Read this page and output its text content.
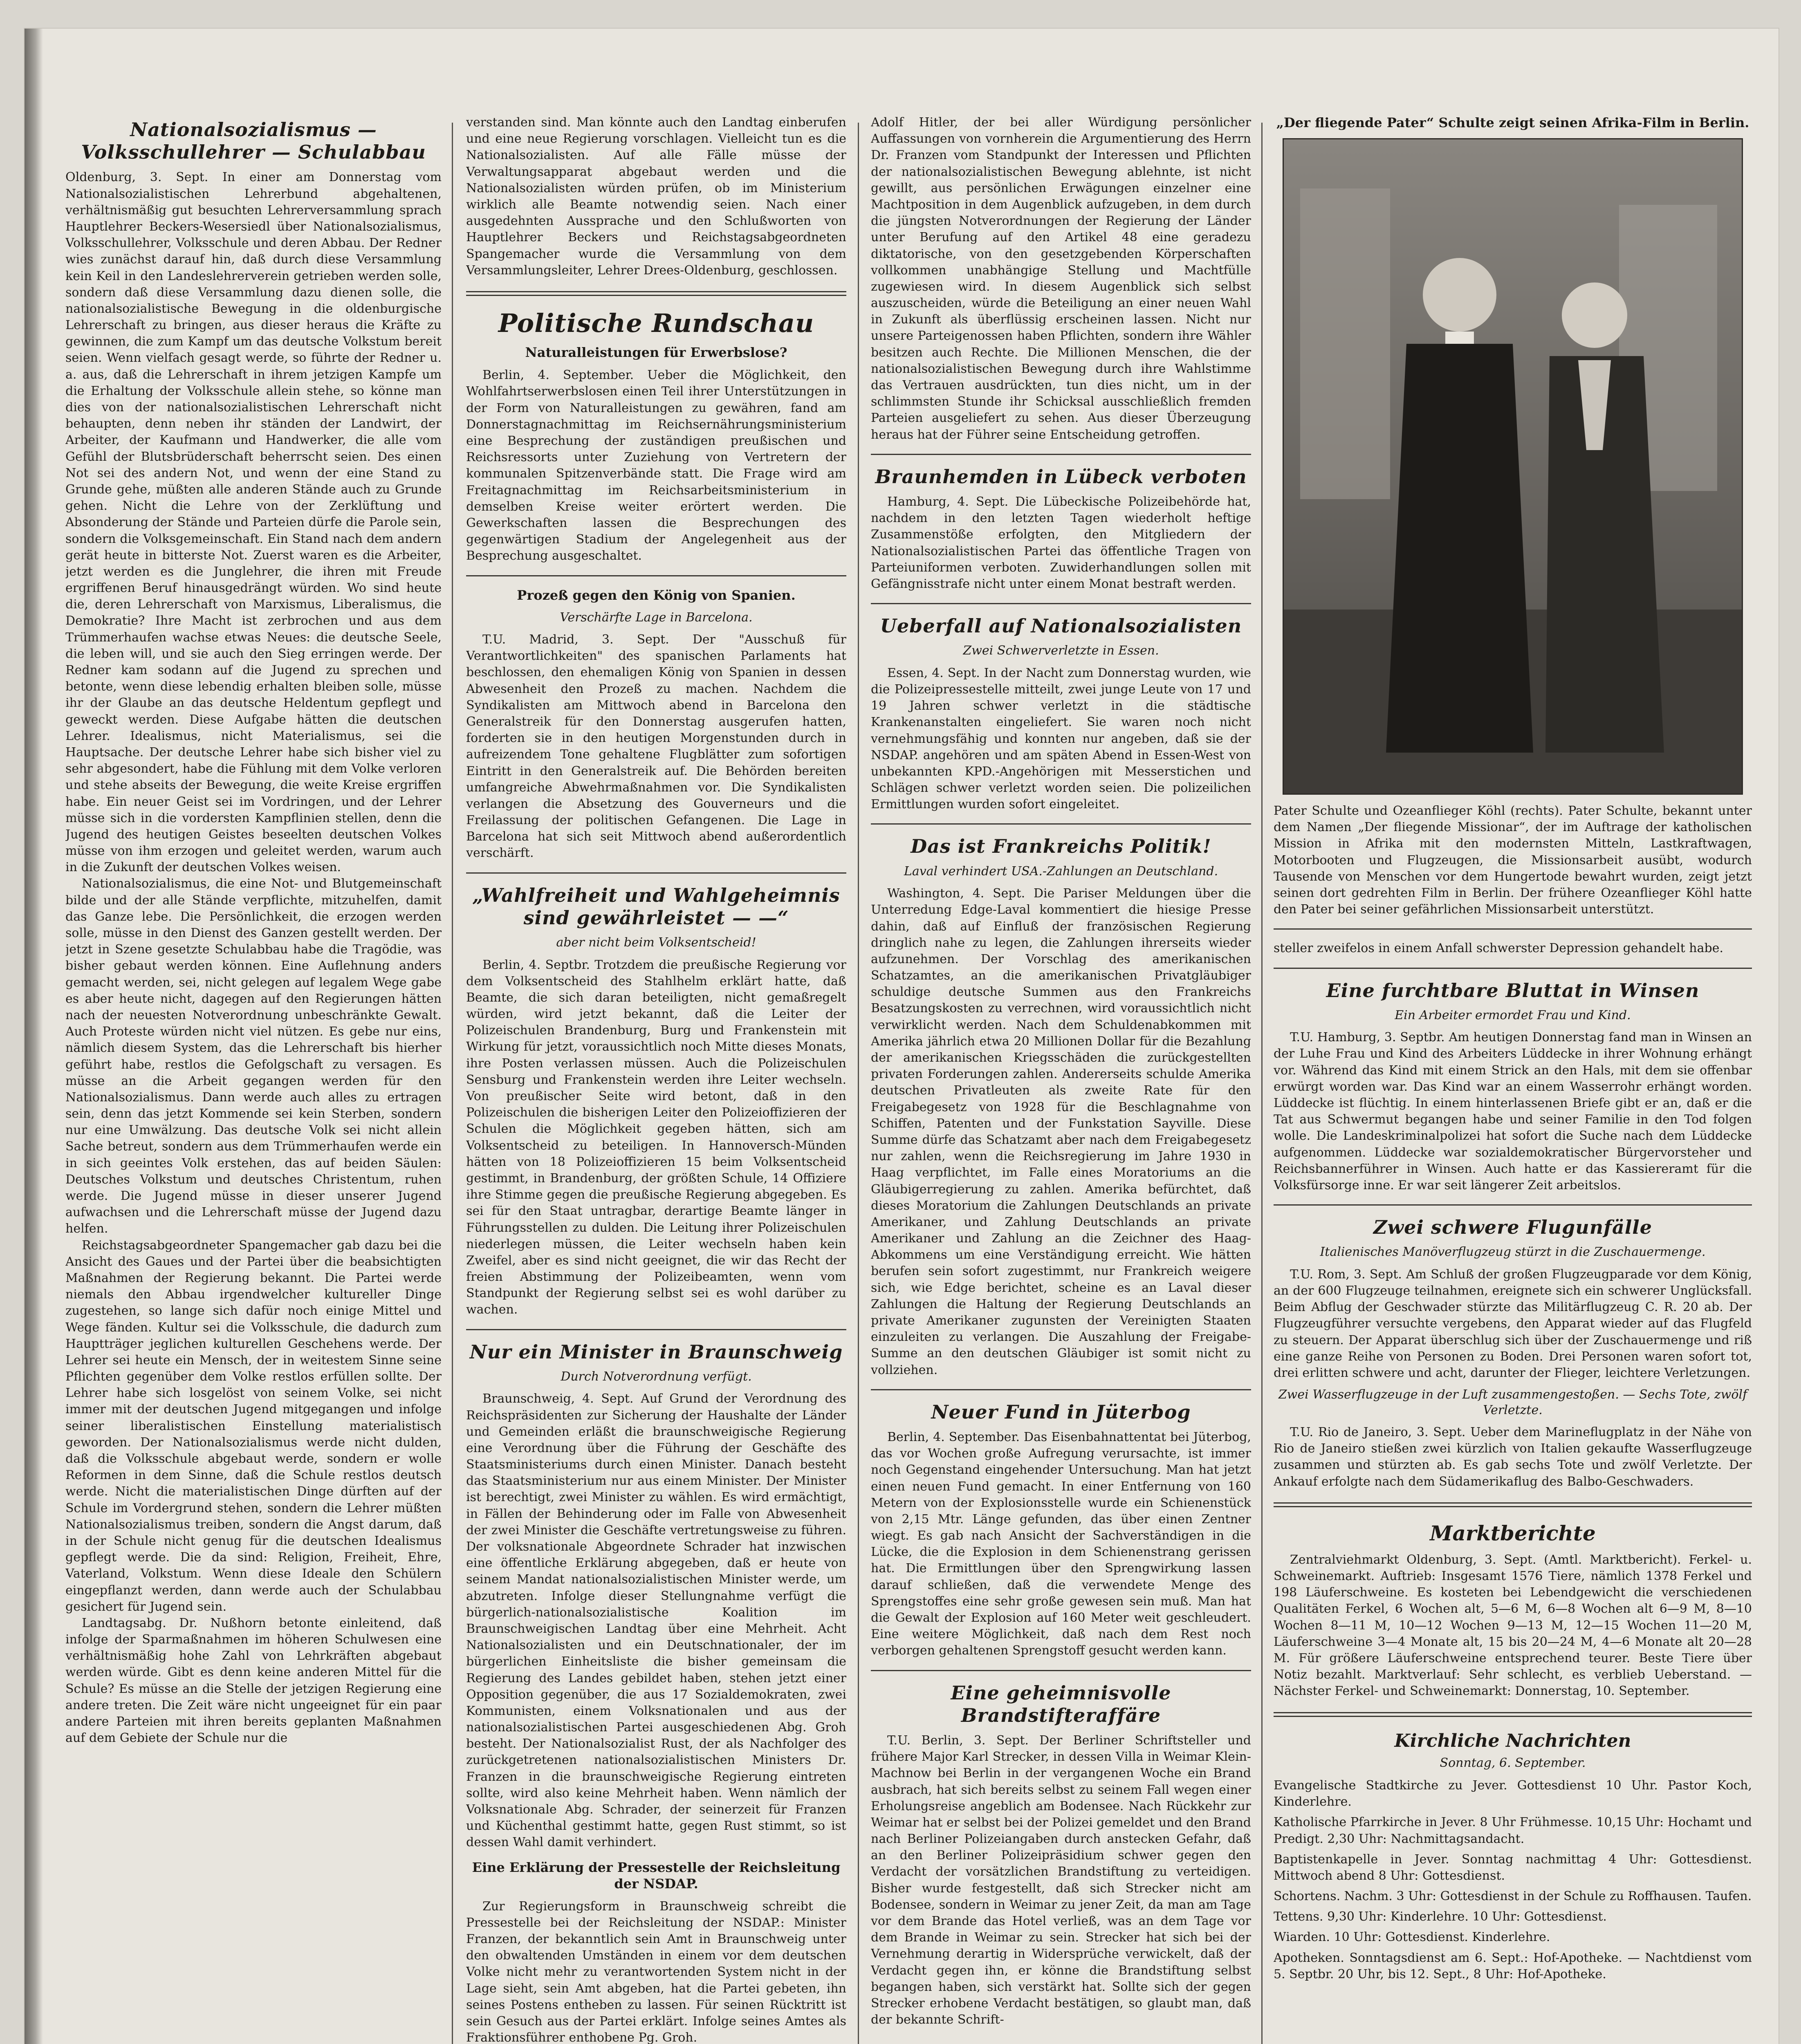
Nationalsozialismus — Volksschullehrer — Schulabbau

Oldenburg, 3. Sept. In einer am Donnerstag vom Nationalsozialistischen Lehrerbund abgehaltenen, verhältnismäßig gut besuchten Lehrerversammlung sprach Hauptlehrer Beckers-Wesersiedl über Nationalsozialismus, Volksschullehrer, Volksschule und deren Abbau. Der Redner wies zunächst darauf hin, daß durch diese Versammlung kein Keil in den Landeslehrerverein getrieben werden solle, sondern daß diese Versammlung dazu dienen solle, die nationalsozialistische Bewegung in die oldenburgische Lehrerschaft zu bringen, aus dieser heraus die Kräfte zu gewinnen, die zum Kampf um das deutsche Volkstum bereit seien. Wenn vielfach gesagt werde, so führte der Redner u. a. aus, daß die Lehrerschaft in ihrem jetzigen Kampfe um die Erhaltung der Volksschule allein stehe, so könne man dies von der nationalsozialistischen Lehrerschaft nicht behaupten, denn neben ihr ständen der Landwirt, der Arbeiter, der Kaufmann und Handwerker, die alle vom Gefühl der Blutsbrüderschaft beherrscht seien. Des einen Not sei des andern Not, und wenn der eine Stand zu Grunde gehe, müßten alle anderen Stände auch zu Grunde gehen. Nicht die Lehre von der Zerklüftung und Absonderung der Stände und Parteien dürfe die Parole sein, sondern die Volksgemeinschaft. Ein Stand nach dem andern gerät heute in bitterste Not. Zuerst waren es die Arbeiter, jetzt werden es die Junglehrer, die ihren mit Freude ergriffenen Beruf hinausgedrängt würden. Wo sind heute die, deren Lehrerschaft von Marxismus, Liberalismus, die Demokratie? Ihre Macht ist zerbrochen und aus dem Trümmerhaufen wachse etwas Neues: die deutsche Seele, die leben will, und sie auch den Sieg erringen werde. Der Redner kam sodann auf die Jugend zu sprechen und betonte, wenn diese lebendig erhalten bleiben solle, müsse ihr der Glaube an das deutsche Heldentum gepflegt und geweckt werden. Diese Aufgabe hätten die deutschen Lehrer. Idealismus, nicht Materialismus, sei die Hauptsache. Der deutsche Lehrer habe sich bisher viel zu sehr abgesondert, habe die Fühlung mit dem Volke verloren und stehe abseits der Bewegung, die weite Kreise ergriffen habe. Ein neuer Geist sei im Vordringen, und der Lehrer müsse sich in die vordersten Kampflinien stellen, denn die Jugend des heutigen Geistes beseelten deutschen Volkes müsse von ihm erzogen und geleitet werden, warum auch in die Zukunft der deutschen Volkes weisen.

Nationalsozialismus, die eine Not- und Blutgemeinschaft bilde und der alle Stände verpflichte, mitzuhelfen, damit das Ganze lebe. Die Persönlichkeit, die erzogen werden solle, müsse in den Dienst des Ganzen gestellt werden. Der jetzt in Szene gesetzte Schulabbau habe die Tragödie, was bisher gebaut werden können. Eine Auflehnung anders gemacht werden, sei, nicht gelegen auf legalem Wege gabe es aber heute nicht, dagegen auf den Regierungen hätten nach der neuesten Notverordnung unbeschränkte Gewalt. Auch Proteste würden nicht viel nützen. Es gebe nur eins, nämlich diesem System, das die Lehrerschaft bis hierher geführt habe, restlos die Gefolgschaft zu versagen. Es müsse an die Arbeit gegangen werden für den Nationalsozialismus. Dann werde auch alles zu ertragen sein, denn das jetzt Kommende sei kein Sterben, sondern nur eine Umwälzung. Das deutsche Volk sei nicht allein Sache betreut, sondern aus dem Trümmerhaufen werde ein in sich geeintes Volk erstehen, das auf beiden Säulen: Deutsches Volkstum und deutsches Christentum, ruhen werde. Die Jugend müsse in dieser unserer Jugend aufwachsen und die Lehrerschaft müsse der Jugend dazu helfen.

Reichstagsabgeordneter Spangemacher gab dazu bei die Ansicht des Gaues und der Partei über die beabsichtigten Maßnahmen der Regierung bekannt. Die Partei werde niemals den Abbau irgendwelcher kultureller Dinge zugestehen, so lange sich dafür noch einige Mittel und Wege fänden. Kultur sei die Volksschule, die dadurch zum Hauptträger jeglichen kulturellen Geschehens werde. Der Lehrer sei heute ein Mensch, der in weitestem Sinne seine Pflichten gegenüber dem Volke restlos erfüllen sollte. Der Lehrer habe sich losgelöst von seinem Volke, sei nicht immer mit der deutschen Jugend mitgegangen und infolge seiner liberalistischen Einstellung materialistisch geworden. Der Nationalsozialismus werde nicht dulden, daß die Volksschule abgebaut werde, sondern er wolle Reformen in dem Sinne, daß die Schule restlos deutsch werde. Nicht die materialistischen Dinge dürften auf der Schule im Vordergrund stehen, sondern die Lehrer müßten Nationalsozialismus treiben, sondern die Angst darum, daß in der Schule nicht genug für die deutschen Idealismus gepflegt werde. Die da sind: Religion, Freiheit, Ehre, Vaterland, Volkstum. Wenn diese Ideale den Schülern eingepflanzt werden, dann werde auch der Schulabbau gesichert für Jugend sein.

Landtagsabg. Dr. Nußhorn betonte einleitend, daß infolge der Sparmaßnahmen im höheren Schulwesen eine verhältnismäßig hohe Zahl von Lehrkräften abgebaut werden würde. Gibt es denn keine anderen Mittel für die Schule? Es müsse an die Stelle der jetzigen Regierung eine andere treten. Die Zeit wäre nicht ungeeignet für ein paar andere Parteien mit ihren bereits geplanten Maßnahmen auf dem Gebiete der Schule nur die

verstanden sind. Man könnte auch den Landtag einberufen und eine neue Regierung vorschlagen. Vielleicht tun es die Nationalsozialisten. Auf alle Fälle müsse der Verwaltungsapparat abgebaut werden und die Nationalsozialisten würden prüfen, ob im Ministerium wirklich alle Beamte notwendig seien. Nach einer ausgedehnten Aussprache und den Schlußworten von Hauptlehrer Beckers und Reichstagsabgeordneten Spangemacher wurde die Versammlung von dem Versammlungsleiter, Lehrer Drees-Oldenburg, geschlossen.

Politische Rundschau
Naturalleistungen für Erwerbslose?

Berlin, 4. September. Ueber die Möglichkeit, den Wohlfahrtserwerbslosen einen Teil ihrer Unterstützungen in der Form von Naturalleistungen zu gewähren, fand am Donnerstagnachmittag im Reichsernährungsministerium eine Besprechung der zuständigen preußischen und Reichsressorts unter Zuziehung von Vertretern der kommunalen Spitzenverbände statt. Die Frage wird am Freitagnachmittag im Reichsarbeitsministerium in demselben Kreise weiter erörtert werden. Die Gewerkschaften lassen die Besprechungen des gegenwärtigen Stadium der Angelegenheit aus der Besprechung ausgeschaltet.

Prozeß gegen den König von Spanien.
Verschärfte Lage in Barcelona.

T.U. Madrid, 3. Sept. Der "Ausschuß für Verantwortlichkeiten" des spanischen Parlaments hat beschlossen, den ehemaligen König von Spanien in dessen Abwesenheit den Prozeß zu machen. Nachdem die Syndikalisten am Mittwoch abend in Barcelona den Generalstreik für den Donnerstag ausgerufen hatten, forderten sie in den heutigen Morgenstunden durch in aufreizendem Tone gehaltene Flugblätter zum sofortigen Eintritt in den Generalstreik auf. Die Behörden bereiten umfangreiche Abwehrmaßnahmen vor. Die Syndikalisten verlangen die Absetzung des Gouverneurs und die Freilassung der politischen Gefangenen. Die Lage in Barcelona hat sich seit Mittwoch abend außerordentlich verschärft.

„Wahlfreiheit und Wahlgeheimnis sind gewährleistet — —“
aber nicht beim Volksentscheid!

Berlin, 4. Septbr. Trotzdem die preußische Regierung vor dem Volksentscheid des Stahlhelm erklärt hatte, daß Beamte, die sich daran beteiligten, nicht gemaßregelt würden, wird jetzt bekannt, daß die Leiter der Polizeischulen Brandenburg, Burg und Frankenstein mit Wirkung für jetzt, voraussichtlich noch Mitte dieses Monats, ihre Posten verlassen müssen. Auch die Polizeischulen Sensburg und Frankenstein werden ihre Leiter wechseln. Von preußischer Seite wird betont, daß in den Polizeischulen die bisherigen Leiter den Polizeioffizieren der Schulen die Möglichkeit gegeben hätten, sich am Volksentscheid zu beteiligen. In Hannoversch-Münden hätten von 18 Polizeioffizieren 15 beim Volksentscheid gestimmt, in Brandenburg, der größten Schule, 14 Offiziere ihre Stimme gegen die preußische Regierung abgegeben. Es sei für den Staat untragbar, derartige Beamte länger in Führungsstellen zu dulden. Die Leitung ihrer Polizeischulen niederlegen müssen, die Leiter wechseln haben kein Zweifel, aber es sind nicht geeignet, die wir das Recht der freien Abstimmung der Polizeibeamten, wenn vom Standpunkt der Regierung selbst sei es wohl darüber zu wachen.

Nur ein Minister in Braunschweig
Durch Notverordnung verfügt.

Braunschweig, 4. Sept. Auf Grund der Verordnung des Reichspräsidenten zur Sicherung der Haushalte der Länder und Gemeinden erläßt die braunschweigische Regierung eine Verordnung über die Führung der Geschäfte des Staatsministeriums durch einen Minister. Danach besteht das Staatsministerium nur aus einem Minister. Der Minister ist berechtigt, zwei Minister zu wählen. Es wird ermächtigt, in Fällen der Behinderung oder im Falle von Abwesenheit der zwei Minister die Geschäfte vertretungsweise zu führen. Der volksnationale Abgeordnete Schrader hat inzwischen eine öffentliche Erklärung abgegeben, daß er heute von seinem Mandat nationalsozialistischen Minister werde, um abzutreten. Infolge dieser Stellungnahme verfügt die bürgerlich-nationalsozialistische Koalition im Braunschweigischen Landtag über eine Mehrheit. Acht Nationalsozialisten und ein Deutschnationaler, der im bürgerlichen Einheitsliste die bisher gemeinsam die Regierung des Landes gebildet haben, stehen jetzt einer Opposition gegenüber, die aus 17 Sozialdemokraten, zwei Kommunisten, einem Volksnationalen und aus der nationalsozialistischen Partei ausgeschiedenen Abg. Groh besteht. Der Nationalsozialist Rust, der als Nachfolger des zurückgetretenen nationalsozialistischen Ministers Dr. Franzen in die braunschweigische Regierung eintreten sollte, wird also keine Mehrheit haben. Wenn nämlich der Volksnationale Abg. Schrader, der seinerzeit für Franzen und Küchenthal gestimmt hatte, gegen Rust stimmt, so ist dessen Wahl damit verhindert.

Eine Erklärung der Pressestelle der Reichsleitung der NSDAP.

Zur Regierungsform in Braunschweig schreibt die Pressestelle bei der Reichsleitung der NSDAP.: Minister Franzen, der bekanntlich sein Amt in Braunschweig unter den obwaltenden Umständen in einem vor dem deutschen Volke nicht mehr zu verantwortenden System nicht in der Lage sieht, sein Amt abgeben, hat die Partei gebeten, ihn seines Postens entheben zu lassen. Für seinen Rücktritt ist sein Gesuch aus der Partei erklärt. Infolge seines Amtes als Fraktionsführer enthobene Pg. Groh.

Adolf Hitler, der bei aller Würdigung persönlicher Auffassungen von vornherein die Argumentierung des Herrn Dr. Franzen vom Standpunkt der Interessen und Pflichten der nationalsozialistischen Bewegung ablehnte, ist nicht gewillt, aus persönlichen Erwägungen einzelner eine Machtposition in dem Augenblick aufzugeben, in dem durch die jüngsten Notverordnungen der Regierung der Länder unter Berufung auf den Artikel 48 eine geradezu diktatorische, von den gesetzgebenden Körperschaften vollkommen unabhängige Stellung und Machtfülle zugewiesen wird. In diesem Augenblick sich selbst auszuscheiden, würde die Beteiligung an einer neuen Wahl in Zukunft als überflüssig erscheinen lassen. Nicht nur unsere Parteigenossen haben Pflichten, sondern ihre Wähler besitzen auch Rechte. Die Millionen Menschen, die der nationalsozialistischen Bewegung durch ihre Wahlstimme das Vertrauen ausdrückten, tun dies nicht, um in der schlimmsten Stunde ihr Schicksal ausschließlich fremden Parteien ausgeliefert zu sehen. Aus dieser Überzeugung heraus hat der Führer seine Entscheidung getroffen.

Braunhemden in Lübeck verboten

Hamburg, 4. Sept. Die Lübeckische Polizeibehörde hat, nachdem in den letzten Tagen wiederholt heftige Zusammenstöße erfolgten, den Mitgliedern der Nationalsozialistischen Partei das öffentliche Tragen von Parteiuniformen verboten. Zuwiderhandlungen sollen mit Gefängnisstrafe nicht unter einem Monat bestraft werden.

Ueberfall auf Nationalsozialisten
Zwei Schwerverletzte in Essen.

Essen, 4. Sept. In der Nacht zum Donnerstag wurden, wie die Polizeipressestelle mitteilt, zwei junge Leute von 17 und 19 Jahren schwer verletzt in die städtische Krankenanstalten eingeliefert. Sie waren noch nicht vernehmungsfähig und konnten nur angeben, daß sie der NSDAP. angehören und am späten Abend in Essen-West von unbekannten KPD.-Angehörigen mit Messerstichen und Schlägen schwer verletzt worden seien. Die polizeilichen Ermittlungen wurden sofort eingeleitet.

Das ist Frankreichs Politik!
Laval verhindert USA.-Zahlungen an Deutschland.

Washington, 4. Sept. Die Pariser Meldungen über die Unterredung Edge-Laval kommentiert die hiesige Presse dahin, daß auf Einfluß der französischen Regierung dringlich nahe zu legen, die Zahlungen ihrerseits wieder aufzunehmen. Der Vorschlag des amerikanischen Schatzamtes, an die amerikanischen Privatgläubiger schuldige deutsche Summen aus den Frankreichs Besatzungskosten zu verrechnen, wird voraussichtlich nicht verwirklicht werden. Nach dem Schuldenabkommen mit Amerika jährlich etwa 20 Millionen Dollar für die Bezahlung der amerikanischen Kriegsschäden die zurückgestellten privaten Forderungen zahlen. Andererseits schulde Amerika deutschen Privatleuten als zweite Rate für den Freigabegesetz von 1928 für die Beschlagnahme von Schiffen, Patenten und der Funkstation Sayville. Diese Summe dürfe das Schatzamt aber nach dem Freigabegesetz nur zahlen, wenn die Reichsregierung im Jahre 1930 in Haag verpflichtet, im Falle eines Moratoriums an die Gläubigerregierung zu zahlen. Amerika befürchtet, daß dieses Moratorium die Zahlungen Deutschlands an private Amerikaner, und Zahlung Deutschlands an private Amerikaner und Zahlung an die Zeichner des Haag-Abkommens um eine Verständigung erreicht. Wie hätten berufen sein sofort zugestimmt, nur Frankreich weigere sich, wie Edge berichtet, scheine es an Laval dieser Zahlungen die Haltung der Regierung Deutschlands an private Amerikaner zugunsten der Vereinigten Staaten einzuleiten zu verlangen. Die Auszahlung der Freigabe-Summe an den deutschen Gläubiger ist somit nicht zu vollziehen.

Neuer Fund in Jüterbog

Berlin, 4. September. Das Eisenbahnattentat bei Jüterbog, das vor Wochen große Aufregung verursachte, ist immer noch Gegenstand eingehender Untersuchung. Man hat jetzt einen neuen Fund gemacht. In einer Entfernung von 160 Metern von der Explosionsstelle wurde ein Schienenstück von 2,15 Mtr. Länge gefunden, das über einen Zentner wiegt. Es gab nach Ansicht der Sachverständigen in die Lücke, die die Explosion in dem Schienenstrang gerissen hat. Die Ermittlungen über den Sprengwirkung lassen darauf schließen, daß die verwendete Menge des Sprengstoffes eine sehr große gewesen sein muß. Man hat die Gewalt der Explosion auf 160 Meter weit geschleudert. Eine weitere Möglichkeit, daß nach dem Rest noch verborgen gehaltenen Sprengstoff gesucht werden kann.

Eine geheimnisvolle Brandstifteraffäre

T.U. Berlin, 3. Sept. Der Berliner Schriftsteller und frühere Major Karl Strecker, in dessen Villa in Weimar Klein-Machnow bei Berlin in der vergangenen Woche ein Brand ausbrach, hat sich bereits selbst zu seinem Fall wegen einer Erholungsreise angeblich am Bodensee. Nach Rückkehr zur Weimar hat er selbst bei der Polizei gemeldet und den Brand nach Berliner Polizeiangaben durch anstecken Gefahr, daß an den Berliner Polizeipräsidium schwer gegen den Verdacht der vorsätzlichen Brandstiftung zu verteidigen. Bisher wurde festgestellt, daß sich Strecker nicht am Bodensee, sondern in Weimar zu jener Zeit, da man am Tage vor dem Brande das Hotel verließ, was an dem Tage vor dem Brande in Weimar zu sein. Strecker hat sich bei der Vernehmung derartig in Widersprüche verwickelt, daß der Verdacht gegen ihn, er könne die Brandstiftung selbst begangen haben, sich verstärkt hat. Sollte sich der gegen Strecker erhobene Verdacht bestätigen, so glaubt man, daß der bekannte Schrift-

„Der fliegende Pater“ Schulte zeigt seinen Afrika-Film in Berlin.

Pater Schulte und Ozeanflieger Köhl (rechts). Pater Schulte, bekannt unter dem Namen „Der fliegende Missionar“, der im Auftrage der katholischen Mission in Afrika mit den modernsten Mitteln, Lastkraftwagen, Motorbooten und Flugzeugen, die Missionsarbeit ausübt, wodurch Tausende von Menschen vor dem Hungertode bewahrt wurden, zeigt jetzt seinen dort gedrehten Film in Berlin. Der frühere Ozeanflieger Köhl hatte den Pater bei seiner gefährlichen Missionsarbeit unterstützt.

steller zweifelos in einem Anfall schwerster Depression gehandelt habe.

Eine furchtbare Bluttat in Winsen
Ein Arbeiter ermordet Frau und Kind.

T.U. Hamburg, 3. Septbr. Am heutigen Donnerstag fand man in Winsen an der Luhe Frau und Kind des Arbeiters Lüddecke in ihrer Wohnung erhängt vor. Während das Kind mit einem Strick an den Hals, mit dem sie offenbar erwürgt worden war. Das Kind war an einem Wasserrohr erhängt worden. Lüddecke ist flüchtig. In einem hinterlassenen Briefe gibt er an, daß er die Tat aus Schwermut begangen habe und seiner Familie in den Tod folgen wolle. Die Landeskriminalpolizei hat sofort die Suche nach dem Lüddecke aufgenommen. Lüddecke war sozialdemokratischer Bürgervorsteher und Reichsbannerführer in Winsen. Auch hatte er das Kassiereramt für die Volksfürsorge inne. Er war seit längerer Zeit arbeitslos.

Zwei schwere Flugunfälle
Italienisches Manöverflugzeug stürzt in die Zuschauermenge.

T.U. Rom, 3. Sept. Am Schluß der großen Flugzeugparade vor dem König, an der 600 Flugzeuge teilnahmen, ereignete sich ein schwerer Unglücksfall. Beim Abflug der Geschwader stürzte das Militärflugzeug C. R. 20 ab. Der Flugzeugführer versuchte vergebens, den Apparat wieder auf das Flugfeld zu steuern. Der Apparat überschlug sich über der Zuschauermenge und riß eine ganze Reihe von Personen zu Boden. Drei Personen waren sofort tot, drei erlitten schwere und acht, darunter der Flieger, leichtere Verletzungen.

Zwei Wasserflugzeuge in der Luft zusammengestoßen. — Sechs Tote, zwölf Verletzte.

T.U. Rio de Janeiro, 3. Sept. Ueber dem Marineflugplatz in der Nähe von Rio de Janeiro stießen zwei kürzlich von Italien gekaufte Wasserflugzeuge zusammen und stürzten ab. Es gab sechs Tote und zwölf Verletzte. Der Ankauf erfolgte nach dem Südamerikaflug des Balbo-Geschwaders.

Marktberichte

Zentralviehmarkt Oldenburg, 3. Sept. (Amtl. Marktbericht). Ferkel- u. Schweinemarkt. Auftrieb: Insgesamt 1576 Tiere, nämlich 1378 Ferkel und 198 Läuferschweine. Es kosteten bei Lebendgewicht die verschiedenen Qualitäten Ferkel, 6 Wochen alt, 5—6 M, 6—8 Wochen alt 6—9 M, 8—10 Wochen 8—11 M, 10—12 Wochen 9—13 M, 12—15 Wochen 11—20 M, Läuferschweine 3—4 Monate alt, 15 bis 20—24 M, 4—6 Monate alt 20—28 M. Für größere Läuferschweine entsprechend teurer. Beste Tiere über Notiz bezahlt. Marktverlauf: Sehr schlecht, es verblieb Ueberstand. — Nächster Ferkel- und Schweinemarkt: Donnerstag, 10. September.

Kirchliche Nachrichten
Sonntag, 6. September.

Evangelische Stadtkirche zu Jever. Gottesdienst 10 Uhr. Pastor Koch, Kinderlehre.

Katholische Pfarrkirche in Jever. 8 Uhr Frühmesse. 10,15 Uhr: Hochamt und Predigt. 2,30 Uhr: Nachmittagsandacht.

Baptistenkapelle in Jever. Sonntag nachmittag 4 Uhr: Gottesdienst. Mittwoch abend 8 Uhr: Gottesdienst.

Schortens. Nachm. 3 Uhr: Gottesdienst in der Schule zu Roffhausen. Taufen.

Tettens. 9,30 Uhr: Kinderlehre. 10 Uhr: Gottesdienst.

Wiarden. 10 Uhr: Gottesdienst. Kinderlehre.

Apotheken. Sonntagsdienst am 6. Sept.: Hof-Apotheke. — Nachtdienst vom 5. Septbr. 20 Uhr, bis 12. Sept., 8 Uhr: Hof-Apotheke.
